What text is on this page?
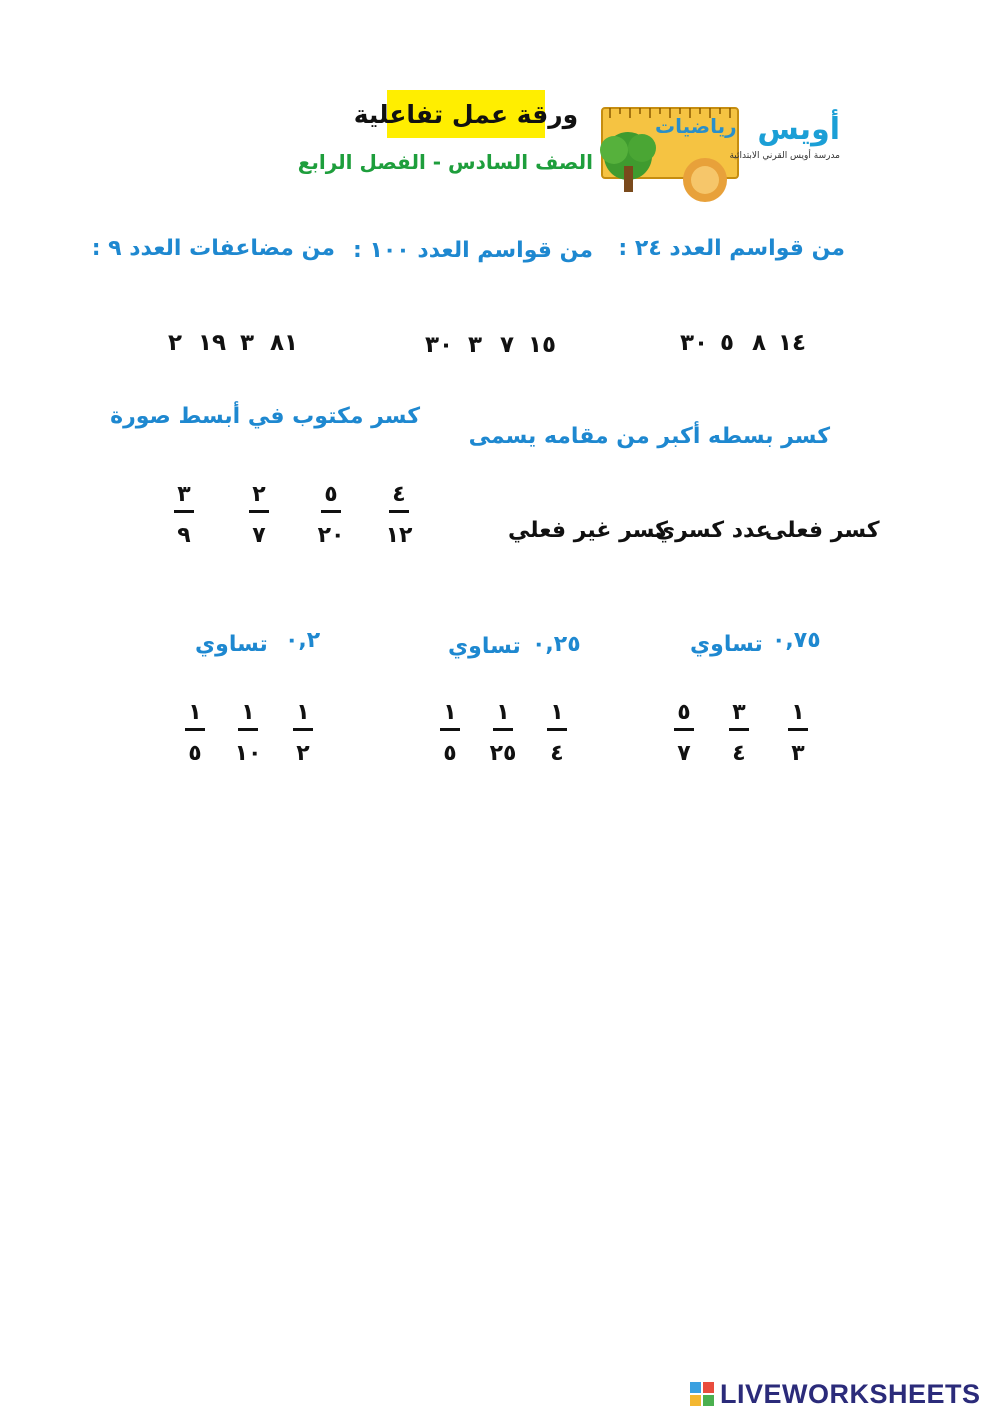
ورقة عمل تفاعلية
الصف السادس - الفصل الرابع
رياضيات أويس
مدرسة أويس القرني الابتدائية
من قواسم العدد ٢٤ :
من قواسم العدد ١٠٠ :
من مضاعفات العدد ٩ :
١٤
٨
٥
٣٠
١٥
٧
٣
٣٠
٨١
٣
١٩
٢
كسر بسطه أكبر من مقامه يسمى
كسر مكتوب في أبسط صورة
كسر فعلى
عدد كسري
كسر غير فعلي
٤
١٢
٥
٢٠
٢
٧
٣
٩
٠,٧٥
تساوي
٠,٢٥
تساوي
٠,٢
تساوي
١
٣
٣
٤
٥
٧
١
٤
١
٢٥
١
٥
١
٢
١
١٠
١
٥
LIVEWORKSHEETS
